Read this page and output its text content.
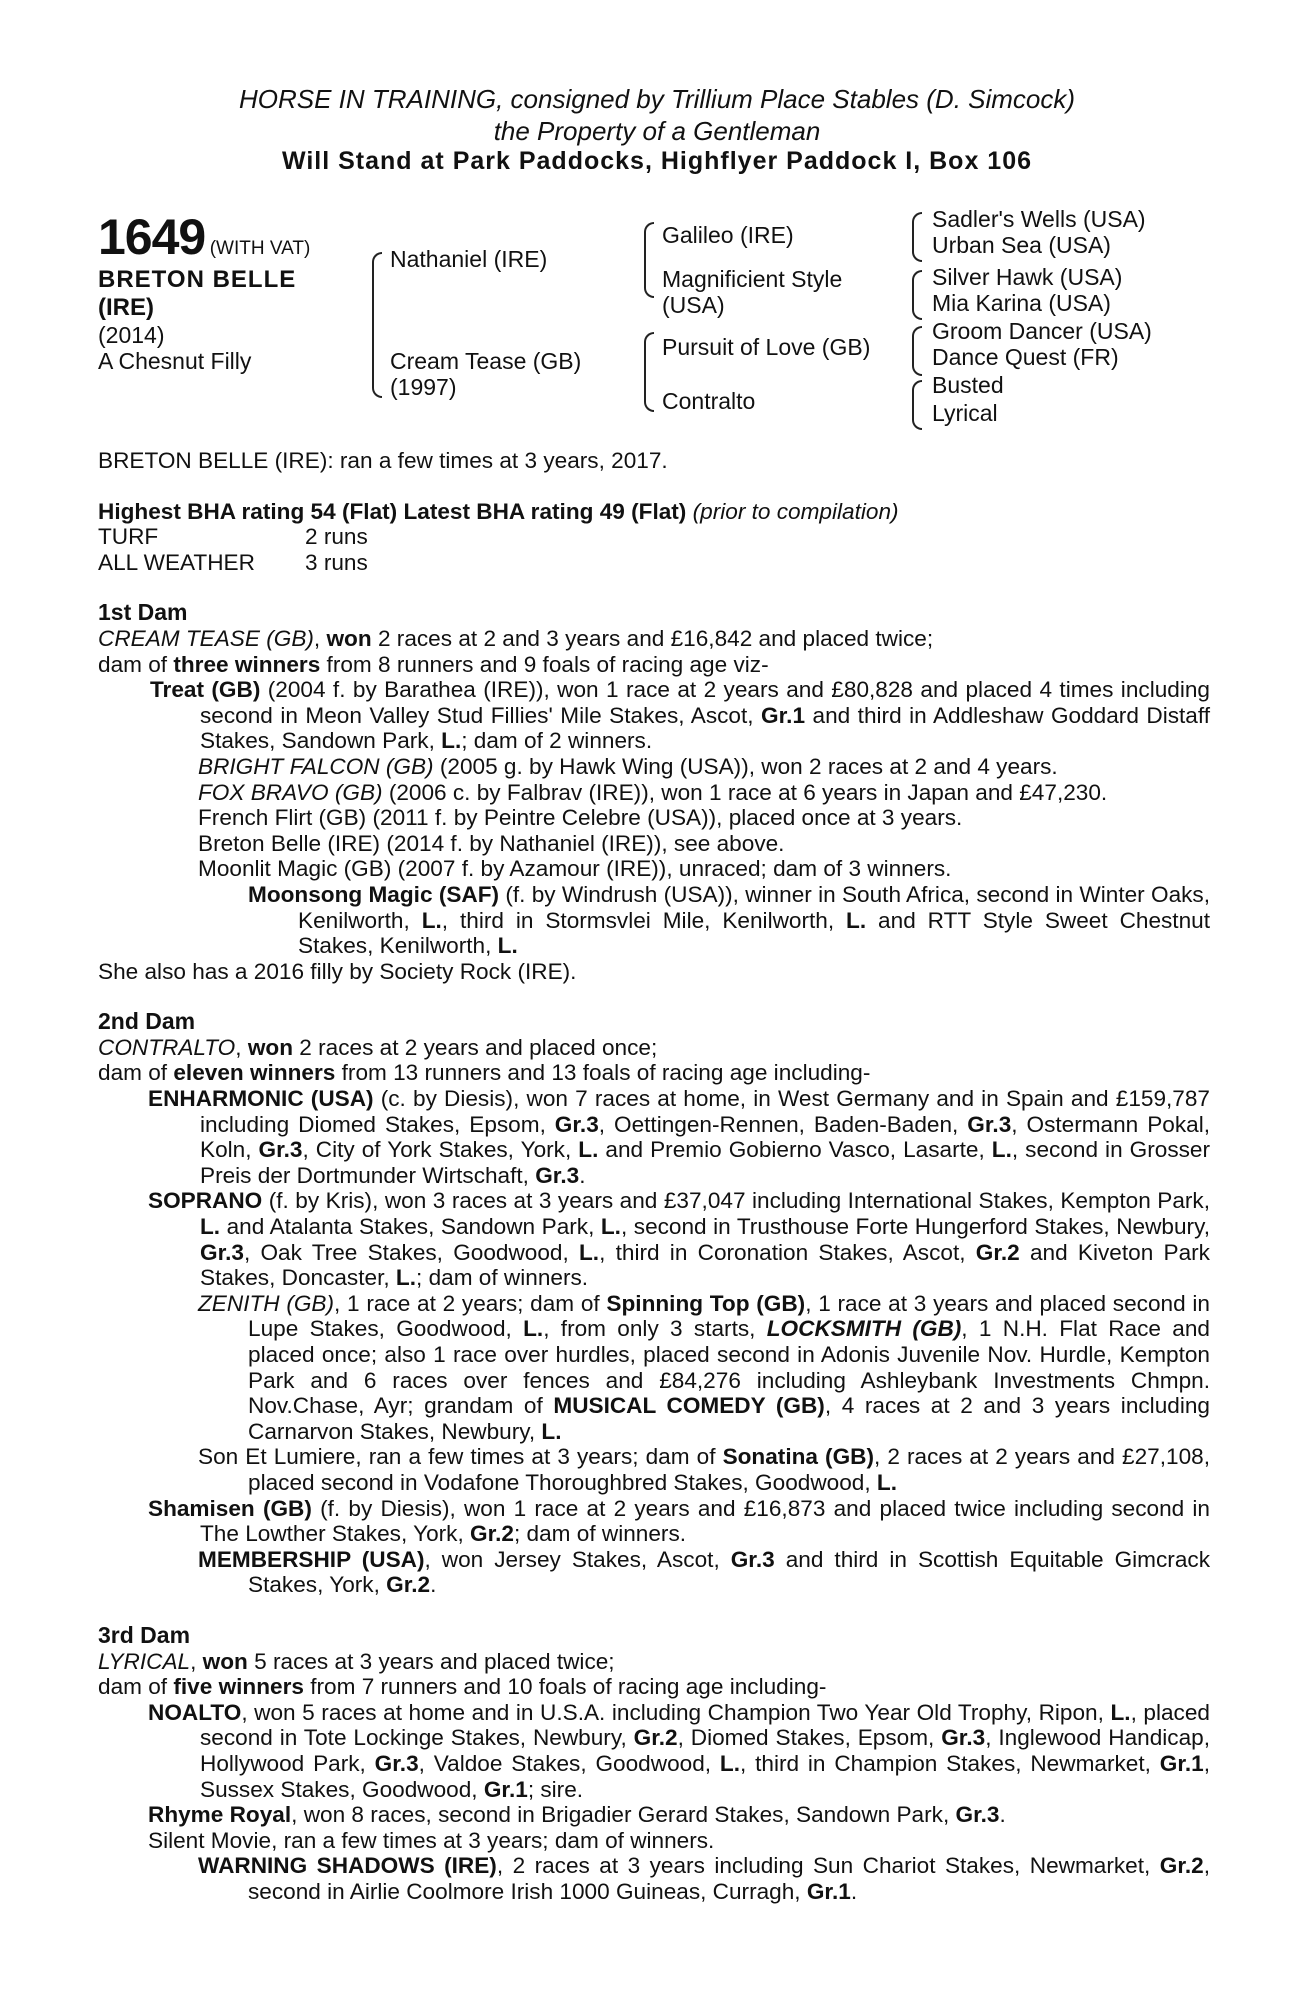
HORSE IN TRAINING, consigned by Trillium Place Stables (D. Simcock)
the Property of a Gentleman
Will Stand at Park Paddocks, Highflyer Paddock I, Box 106
1649 (WITH VAT)
BRETON BELLE
(IRE)
(2014)
A Chesnut Filly
Nathaniel (IRE)
Cream Tease (GB)
(1997)
Galileo (IRE)
Magnificient Style
(USA)
Pursuit of Love (GB)
Contralto
Sadler's Wells (USA)
Urban Sea (USA)
Silver Hawk (USA)
Mia Karina (USA)
Groom Dancer (USA)
Dance Quest (FR)
Busted
Lyrical

BRETON BELLE (IRE): ran a few times at 3 years, 2017.

Highest BHA rating 54 (Flat) Latest BHA rating 49 (Flat) (prior to compilation)

TURF	2 runs

ALL WEATHER 3 runs

1st Dam

CREAM TEASE (GB), won 2 races at 2 and 3 years and £16,842 and placed twice;

dam of three winners from 8 runners and 9 foals of racing age viz-

Treat (GB) (2004 f. by Barathea (IRE)), won 1 race at 2 years and £80,828 and placed 4 times including second in Meon Valley Stud Fillies' Mile Stakes, Ascot, Gr.1 and third in Addleshaw Goddard Distaff Stakes, Sandown Park, L.; dam of 2 winners.

BRIGHT FALCON (GB) (2005 g. by Hawk Wing (USA)), won 2 races at 2 and 4 years.

FOX BRAVO (GB) (2006 c. by Falbrav (IRE)), won 1 race at 6 years in Japan and £47,230.

French Flirt (GB) (2011 f. by Peintre Celebre (USA)), placed once at 3 years.

Breton Belle (IRE) (2014 f. by Nathaniel (IRE)), see above.

Moonlit Magic (GB) (2007 f. by Azamour (IRE)), unraced; dam of 3 winners.

Moonsong Magic (SAF) (f. by Windrush (USA)), winner in South Africa, second in Winter Oaks, Kenilworth, L., third in Stormsvlei Mile, Kenilworth, L. and RTT Style Sweet Chestnut Stakes, Kenilworth, L.

She also has a 2016 filly by Society Rock (IRE).

2nd Dam

CONTRALTO, won 2 races at 2 years and placed once;

dam of eleven winners from 13 runners and 13 foals of racing age including-

ENHARMONIC (USA) (c. by Diesis), won 7 races at home, in West Germany and in Spain and £159,787 including Diomed Stakes, Epsom, Gr.3, Oettingen-Rennen, Baden-Baden, Gr.3, Ostermann Pokal, Koln, Gr.3, City of York Stakes, York, L. and Premio Gobierno Vasco, Lasarte, L., second in Grosser Preis der Dortmunder Wirtschaft, Gr.3.

SOPRANO (f. by Kris), won 3 races at 3 years and £37,047 including International Stakes, Kempton Park, L. and Atalanta Stakes, Sandown Park, L., second in Trusthouse Forte Hungerford Stakes, Newbury, Gr.3, Oak Tree Stakes, Goodwood, L., third in Coronation Stakes, Ascot, Gr.2 and Kiveton Park Stakes, Doncaster, L.; dam of winners.

ZENITH (GB), 1 race at 2 years; dam of Spinning Top (GB), 1 race at 3 years and placed second in Lupe Stakes, Goodwood, L., from only 3 starts, LOCKSMITH (GB), 1 N.H. Flat Race and placed once; also 1 race over hurdles, placed second in Adonis Juvenile Nov. Hurdle, Kempton Park and 6 races over fences and £84,276 including Ashleybank Investments Chmpn. Nov.Chase, Ayr; grandam of MUSICAL COMEDY (GB), 4 races at 2 and 3 years including Carnarvon Stakes, Newbury, L.

Son Et Lumiere, ran a few times at 3 years; dam of Sonatina (GB), 2 races at 2 years and £27,108, placed second in Vodafone Thoroughbred Stakes, Goodwood, L.

Shamisen (GB) (f. by Diesis), won 1 race at 2 years and £16,873 and placed twice including second in The Lowther Stakes, York, Gr.2; dam of winners.

MEMBERSHIP (USA), won Jersey Stakes, Ascot, Gr.3 and third in Scottish Equitable Gimcrack Stakes, York, Gr.2.

3rd Dam

LYRICAL, won 5 races at 3 years and placed twice;

dam of five winners from 7 runners and 10 foals of racing age including-

NOALTO, won 5 races at home and in U.S.A. including Champion Two Year Old Trophy, Ripon, L., placed second in Tote Lockinge Stakes, Newbury, Gr.2, Diomed Stakes, Epsom, Gr.3, Inglewood Handicap, Hollywood Park, Gr.3, Valdoe Stakes, Goodwood, L., third in Champion Stakes, Newmarket, Gr.1, Sussex Stakes, Goodwood, Gr.1; sire.

Rhyme Royal, won 8 races, second in Brigadier Gerard Stakes, Sandown Park, Gr.3.

Silent Movie, ran a few times at 3 years; dam of winners.

WARNING SHADOWS (IRE), 2 races at 3 years including Sun Chariot Stakes, Newmarket, Gr.2, second in Airlie Coolmore Irish 1000 Guineas, Curragh, Gr.1.
